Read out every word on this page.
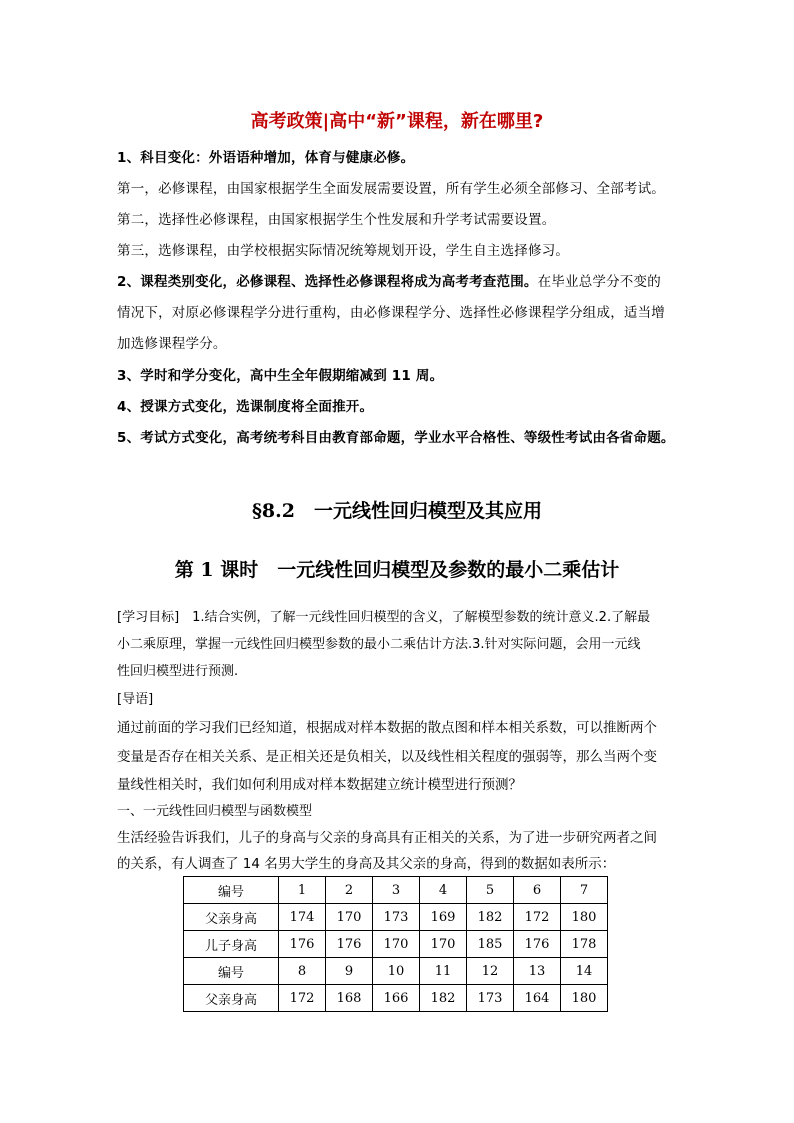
高考政策|高中“新”课程，新在哪里?
1、科目变化：外语语种增加，体育与健康必修。
第一，必修课程，由国家根据学生全面发展需要设置，所有学生必须全部修习、全部考试。
第二，选择性必修课程，由国家根据学生个性发展和升学考试需要设置。
第三，选修课程，由学校根据实际情况统筹规划开设，学生自主选择修习。
2、课程类别变化，必修课程、选择性必修课程将成为高考考查范围。在毕业总学分不变的
情况下，对原必修课程学分进行重构，由必修课程学分、选择性必修课程学分组成，适当增
加选修课程学分。
3、学时和学分变化，高中生全年假期缩减到 11 周。
4、授课方式变化，选课制度将全面推开。
5、考试方式变化，高考统考科目由教育部命题，学业水平合格性、等级性考试由各省命题。
§8.2　一元线性回归模型及其应用
第 1 课时　一元线性回归模型及参数的最小二乘估计
[学习目标]　1.结合实例，了解一元线性回归模型的含义，了解模型参数的统计意义.2.了解最
小二乘原理，掌握一元线性回归模型参数的最小二乘估计方法.3.针对实际问题，会用一元线
性回归模型进行预测.
[导语]
通过前面的学习我们已经知道，根据成对样本数据的散点图和样本相关系数，可以推断两个
变量是否存在相关关系、是正相关还是负相关，以及线性相关程度的强弱等，那么当两个变
量线性相关时，我们如何利用成对样本数据建立统计模型进行预测？
一、一元线性回归模型与函数模型
生活经验告诉我们，儿子的身高与父亲的身高具有正相关的关系，为了进一步研究两者之间
的关系，有人调查了 14 名男大学生的身高及其父亲的身高，得到的数据如表所示：
编号	1	2	3	4	5	6	7
父亲身高	174	170	173	169	182	172	180
儿子身高	176	176	170	170	185	176	178
编号	8	9	10	11	12	13	14
父亲身高	172	168	166	182	173	164	180
